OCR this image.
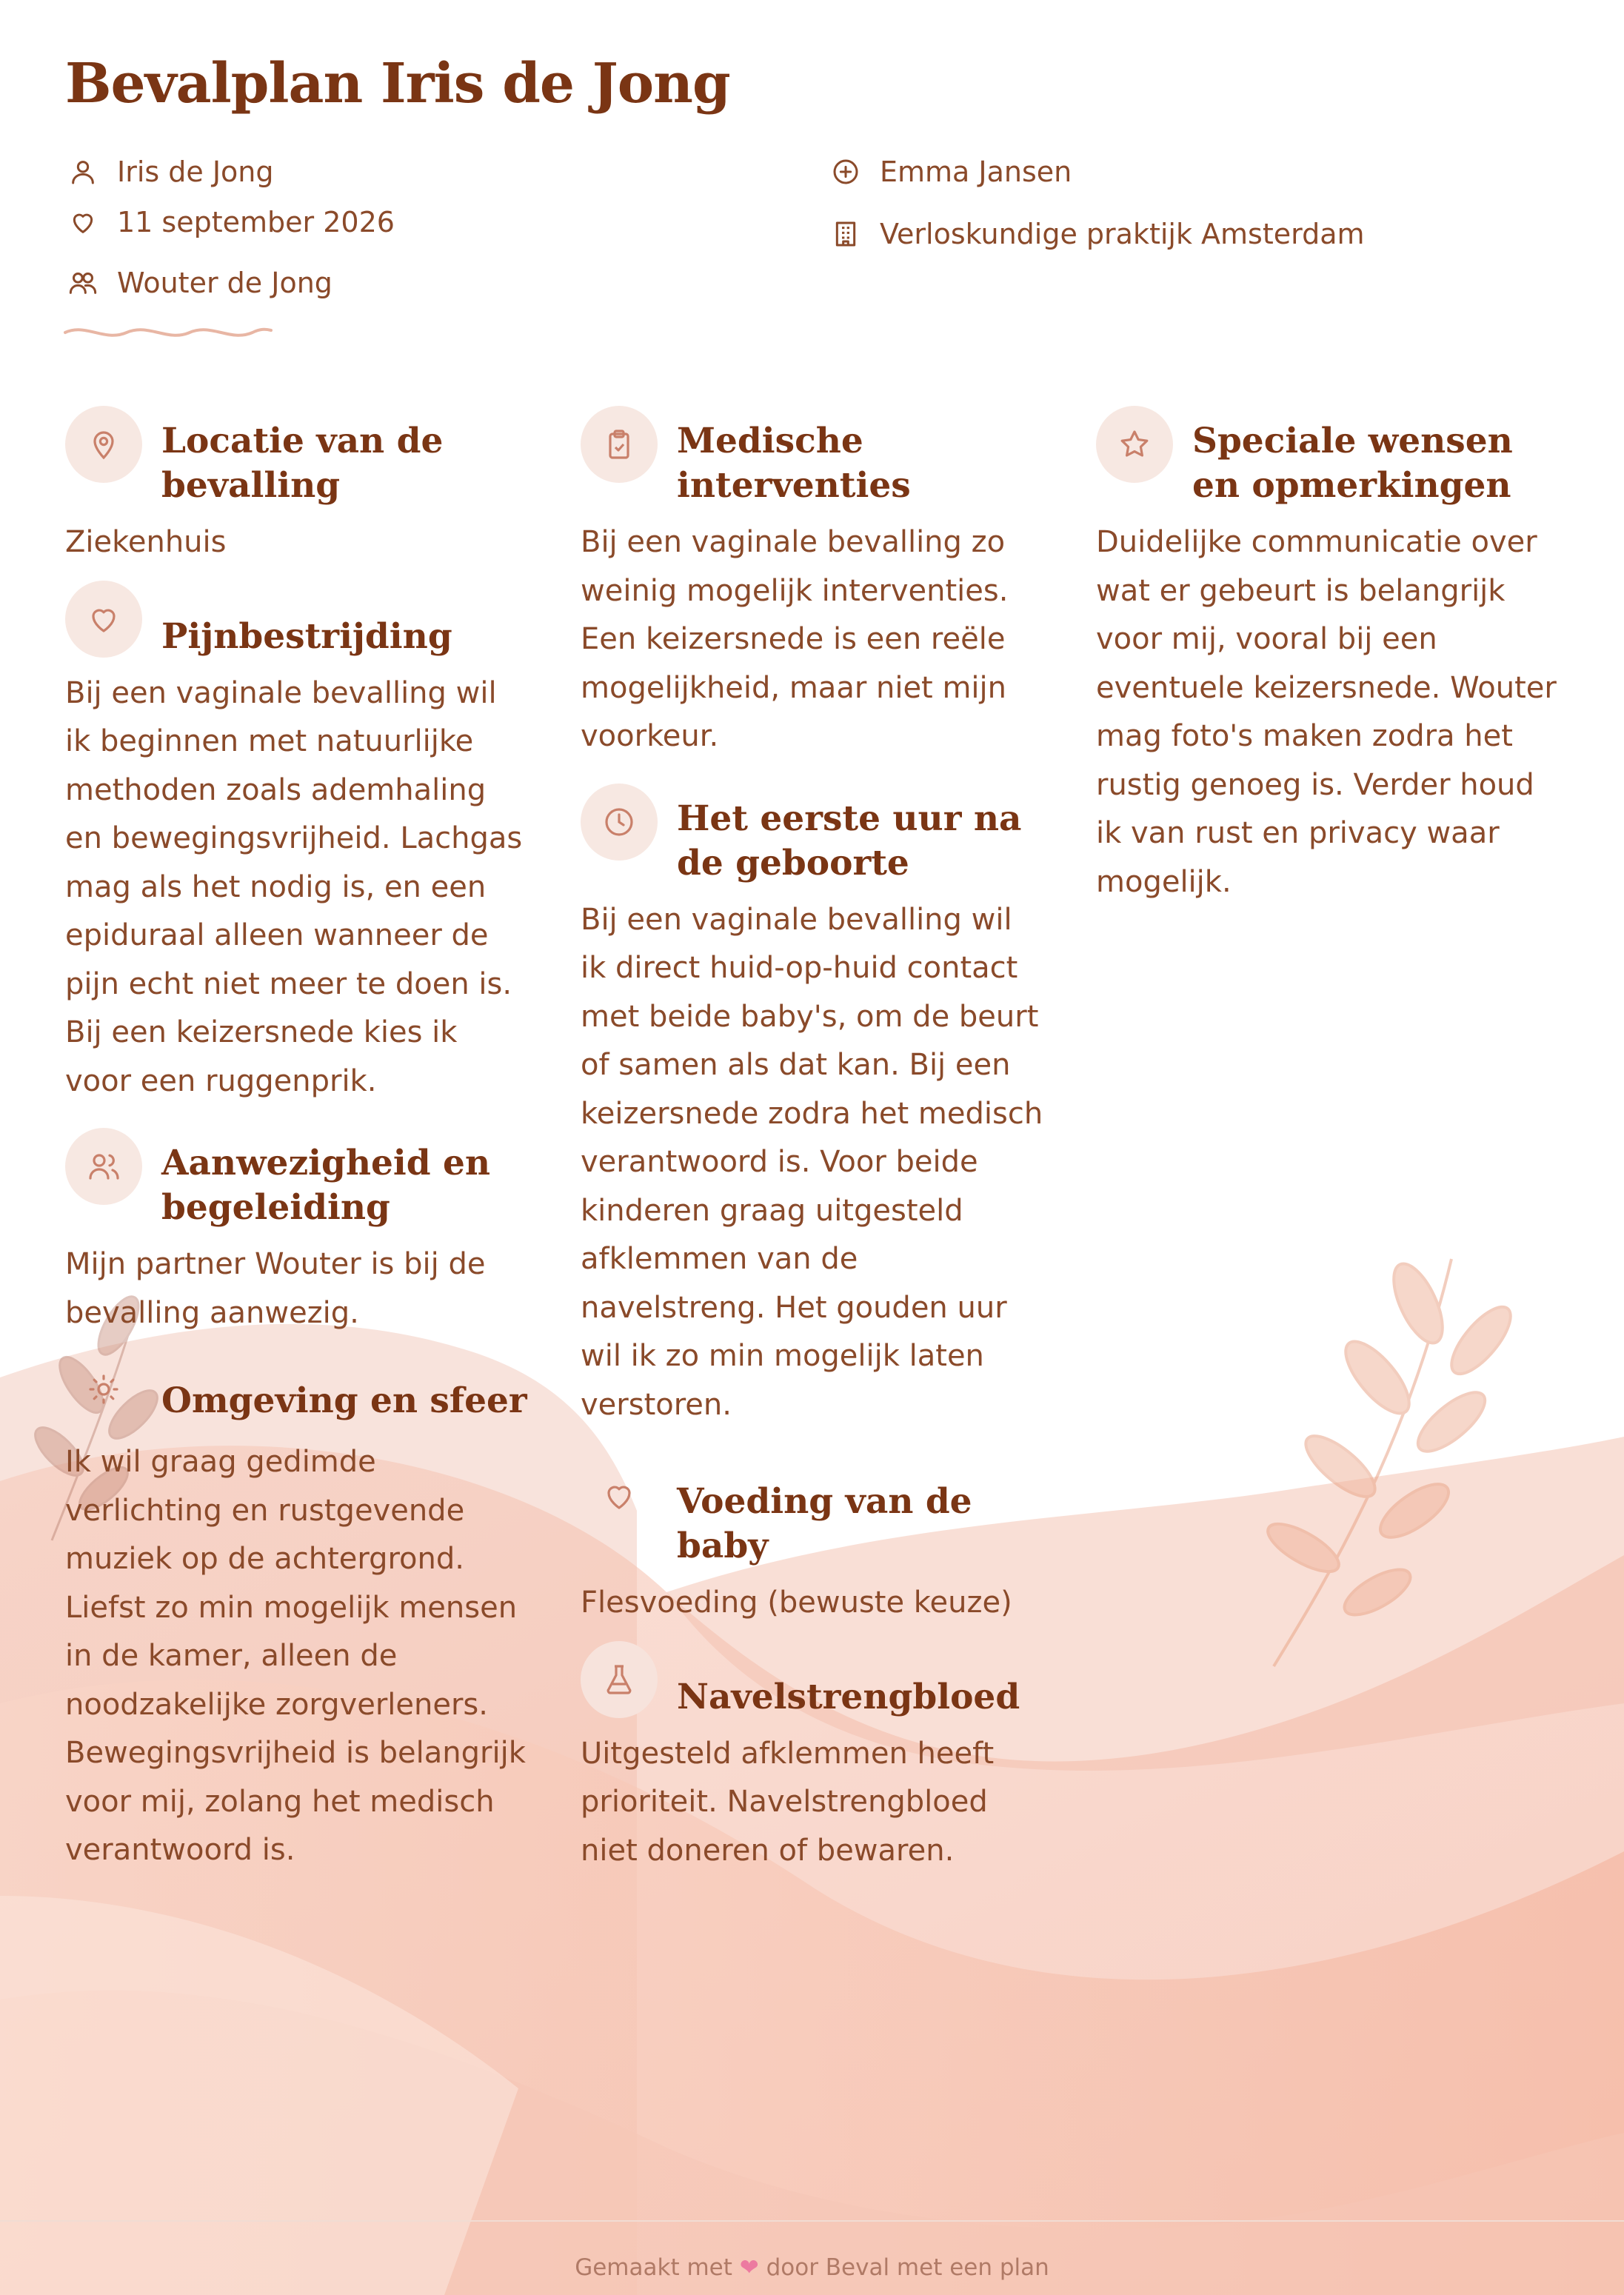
Bevalplan Iris de Jong
Iris de Jong
11 september 2026
Wouter de Jong
Emma Jansen
Verloskundige praktijk Amsterdam
Locatie van de bevalling

Ziekenhuis

Pijnbestrijding

Bij een vaginale bevalling wil ik beginnen met natuurlijke methoden zoals ademhaling en bewegingsvrijheid. Lachgas mag als het nodig is, en een epiduraal alleen wanneer de pijn echt niet meer te doen is. Bij een keizersnede kies ik voor een ruggenprik.

Aanwezigheid en begeleiding

Mijn partner Wouter is bij de bevalling aanwezig.

Omgeving en sfeer

Ik wil graag gedimde verlichting en rustgevende muziek op de achtergrond. Liefst zo min mogelijk mensen in de kamer, alleen de noodzakelijke zorgverleners. Bewegingsvrijheid is belangrijk voor mij, zolang het medisch verantwoord is.

Medische interventies

Bij een vaginale bevalling zo weinig mogelijk interventies. Een keizersnede is een reële mogelijkheid, maar niet mijn voorkeur.

Het eerste uur na de geboorte

Bij een vaginale bevalling wil ik direct huid-op-huid contact met beide baby's, om de beurt of samen als dat kan. Bij een keizersnede zodra het medisch verantwoord is. Voor beide kinderen graag uitgesteld afklemmen van de navelstreng. Het gouden uur wil ik zo min mogelijk laten verstoren.

Voeding van de baby

Flesvoeding (bewuste keuze)

Navelstrengbloed

Uitgesteld afklemmen heeft prioriteit. Navelstrengbloed niet doneren of bewaren.

Speciale wensen en opmerkingen

Duidelijke communicatie over wat er gebeurt is belangrijk voor mij, vooral bij een eventuele keizersnede. Wouter mag foto's maken zodra het rustig genoeg is. Verder houd ik van rust en privacy waar mogelijk.

Gemaakt met ❤ door Beval met een plan
